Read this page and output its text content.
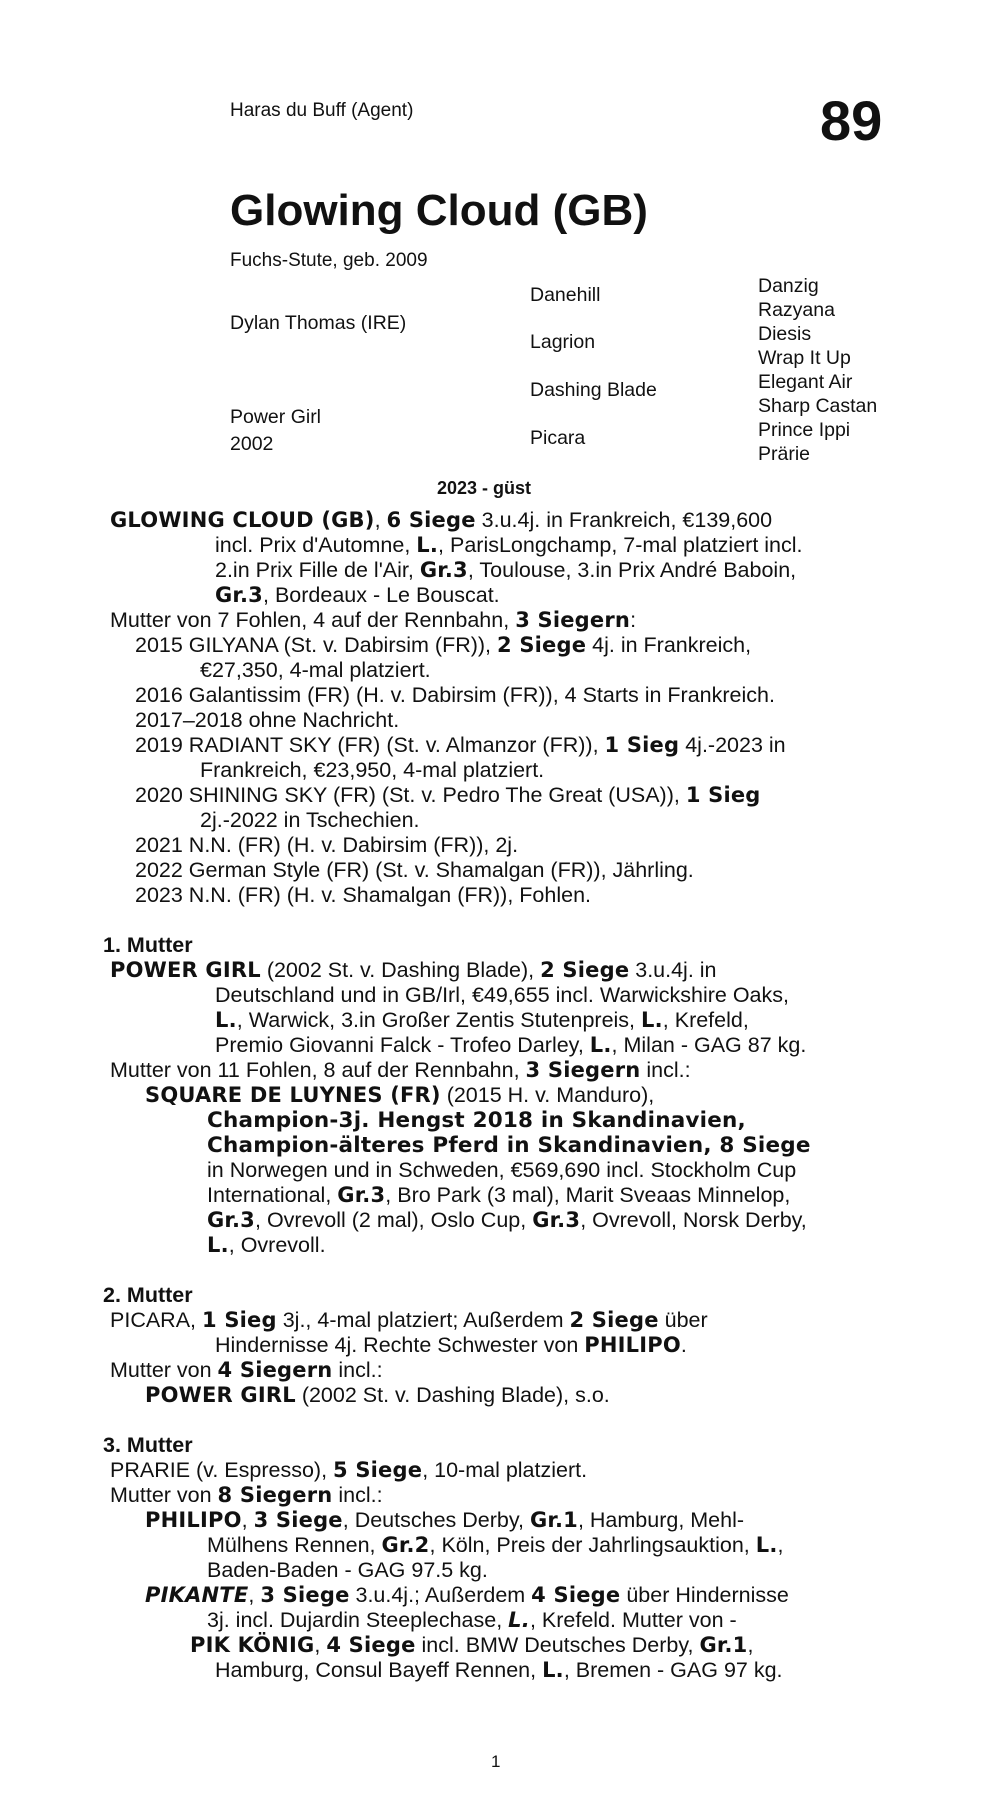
Haras du Buff (Agent)	89
Glowing Cloud (GB)
Fuchs-Stute, geb. 2009
Dylan Thomas (IRE)
Power Girl
2002
Danehill
Lagrion
Dashing Blade
Picara
Danzig
Razyana
Diesis
Wrap It Up
Elegant Air
Sharp Castan
Prince Ippi
Prärie
2023 - güst
GLOWING CLOUD (GB), 6 Siege 3.u.4j. in Frankreich, €139,600
incl. Prix d'Automne, L., ParisLongchamp, 7-mal platziert incl.
2.in Prix Fille de l'Air, Gr.3, Toulouse, 3.in Prix André Baboin,
Gr.3, Bordeaux - Le Bouscat.
Mutter von 7 Fohlen, 4 auf der Rennbahn, 3 Siegern:
2015 GILYANA (St. v. Dabirsim (FR)), 2 Siege 4j. in Frankreich,
€27,350, 4-mal platziert.
2016 Galantissim (FR) (H. v. Dabirsim (FR)), 4 Starts in Frankreich.
2017–2018 ohne Nachricht.
2019 RADIANT SKY (FR) (St. v. Almanzor (FR)), 1 Sieg 4j.-2023 in
Frankreich, €23,950, 4-mal platziert.
2020 SHINING SKY (FR) (St. v. Pedro The Great (USA)), 1 Sieg
2j.-2022 in Tschechien.
2021 N.N. (FR) (H. v. Dabirsim (FR)), 2j.
2022 German Style (FR) (St. v. Shamalgan (FR)), Jährling.
2023 N.N. (FR) (H. v. Shamalgan (FR)), Fohlen.
1. Mutter
POWER GIRL (2002 St. v. Dashing Blade), 2 Siege 3.u.4j. in
Deutschland und in GB/Irl, €49,655 incl. Warwickshire Oaks,
L., Warwick, 3.in Großer Zentis Stutenpreis, L., Krefeld,
Premio Giovanni Falck - Trofeo Darley, L., Milan - GAG 87 kg.
Mutter von 11 Fohlen, 8 auf der Rennbahn, 3 Siegern incl.:
SQUARE DE LUYNES (FR) (2015 H. v. Manduro),
Champion-3j. Hengst 2018 in Skandinavien,
Champion-älteres Pferd in Skandinavien, 8 Siege
in Norwegen und in Schweden, €569,690 incl. Stockholm Cup
International, Gr.3, Bro Park (3 mal), Marit Sveaas Minnelop,
Gr.3, Ovrevoll (2 mal), Oslo Cup, Gr.3, Ovrevoll, Norsk Derby,
L., Ovrevoll.
2. Mutter
PICARA, 1 Sieg 3j., 4-mal platziert; Außerdem 2 Siege über
Hindernisse 4j. Rechte Schwester von PHILIPO.
Mutter von 4 Siegern incl.:
POWER GIRL (2002 St. v. Dashing Blade), s.o.
3. Mutter
PRARIE (v. Espresso), 5 Siege, 10-mal platziert.
Mutter von 8 Siegern incl.:
PHILIPO, 3 Siege, Deutsches Derby, Gr.1, Hamburg, Mehl-
Mülhens Rennen, Gr.2, Köln, Preis der Jahrlingsauktion, L.,
Baden-Baden - GAG 97.5 kg.
PIKANTE, 3 Siege 3.u.4j.; Außerdem 4 Siege über Hindernisse
3j. incl. Dujardin Steeplechase, L., Krefeld. Mutter von -
PIK KÖNIG, 4 Siege incl. BMW Deutsches Derby, Gr.1,
Hamburg, Consul Bayeff Rennen, L., Bremen - GAG 97 kg.
1
